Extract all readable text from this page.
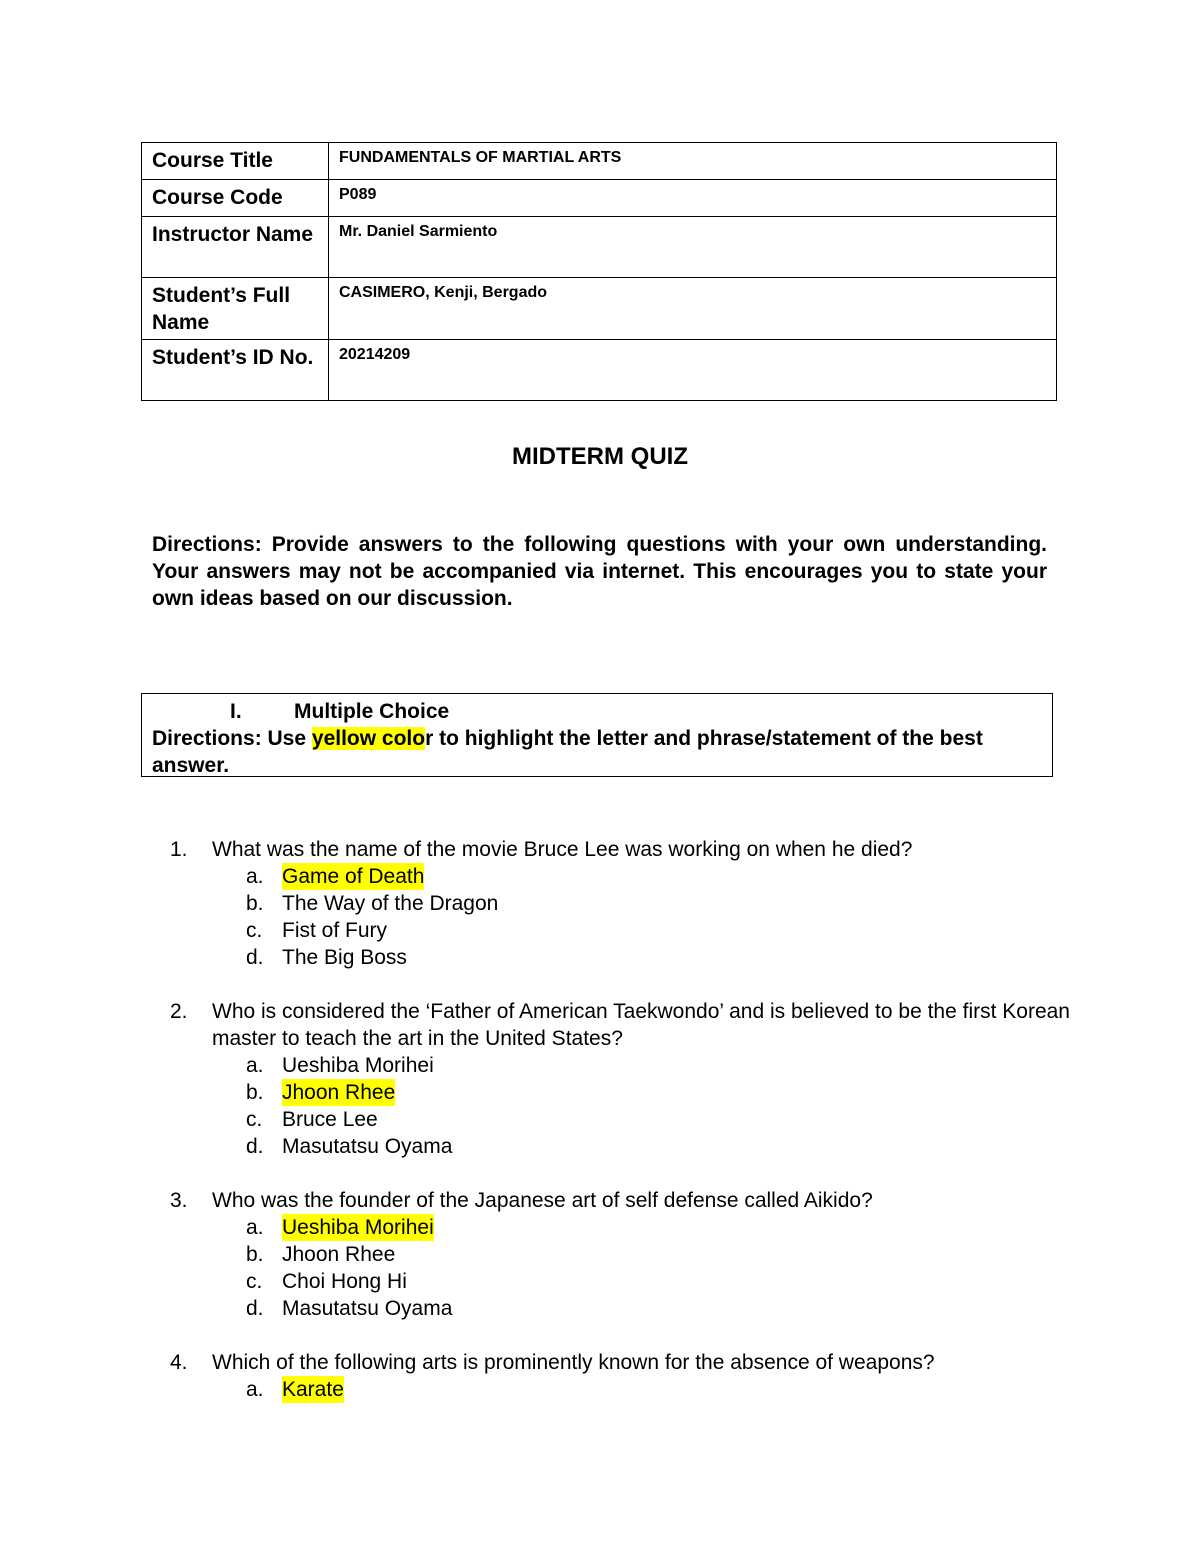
Course Title	FUNDAMENTALS OF MARTIAL ARTS
Course Code	P089
Instructor Name	Mr. Daniel Sarmiento
Student’s Full Name	CASIMERO, Kenji, Bergado
Student’s ID No.	20214209
MIDTERM QUIZ
Directions: Provide answers to the following questions with your own understanding. Your answers may not be accompanied via internet. This encourages you to state your own ideas based on our discussion.
I.	Multiple Choice
Directions: Use yellow color to highlight the letter and phrase/statement of the best answer.
1.	What was the name of the movie Bruce Lee was working on when he died?
a. Game of Death
b. The Way of the Dragon
c. Fist of Fury
d. The Big Boss
2.	Who is considered the ‘Father of American Taekwondo’ and is believed to be the first Korean master to teach the art in the United States?
a. Ueshiba Morihei
b. Jhoon Rhee
c. Bruce Lee
d. Masutatsu Oyama
3.	Who was the founder of the Japanese art of self defense called Aikido?
a. Ueshiba Morihei
b. Jhoon Rhee
c. Choi Hong Hi
d. Masutatsu Oyama
4.	Which of the following arts is prominently known for the absence of weapons?
a. Karate
